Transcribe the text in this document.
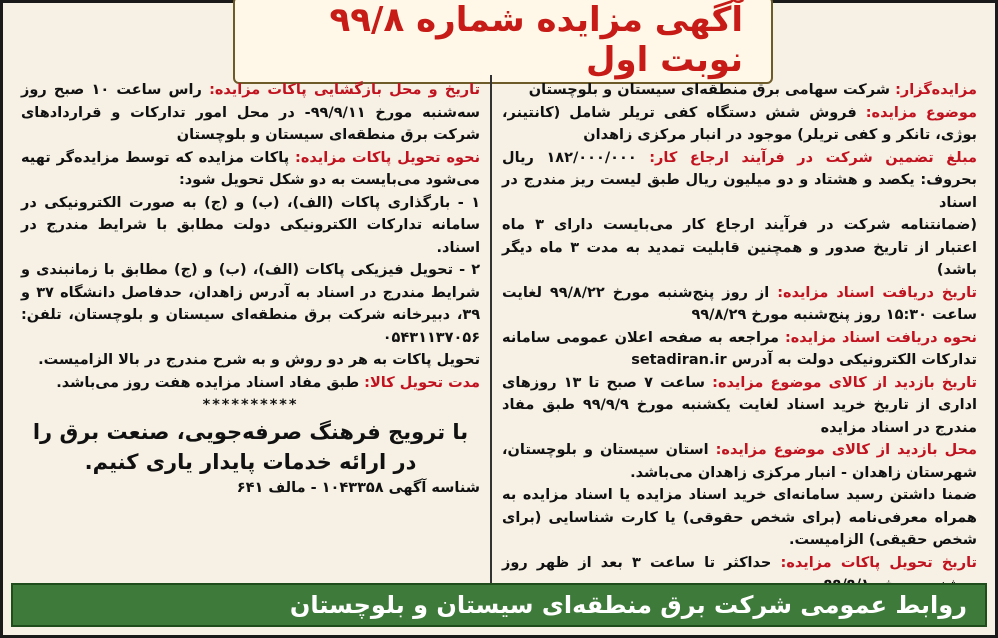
آگهی مزایده شماره ۹۹/۸ نوبت اول

مزایده‌گزار: شرکت سهامی برق منطقه‌ای سیستان و بلوچستان

موضوع مزایده: فروش شش دستگاه کفی تریلر شامل (کانتینر، بوژی، تانکر و کفی تریلر) موجود در انبار مرکزی زاهدان

مبلغ تضمین شرکت در فرآیند ارجاع کار: ۱۸۲/۰۰۰/۰۰۰ ریال بحروف: یکصد و هشتاد و دو میلیون ریال طبق لیست ریز مندرج در اسناد

(ضمانتنامه شرکت در فرآیند ارجاع کار می‌بایست دارای ۳ ماه اعتبار از تاریخ صدور و همچنین قابلیت تمدید به مدت ۳ ماه دیگر باشد)

تاریخ دریافت اسناد مزایده: از روز پنج‌شنبه مورخ ۹۹/۸/۲۲ لغایت ساعت ۱۵:۳۰ روز پنج‌شنبه مورخ ۹۹/۸/۲۹

نحوه دریافت اسناد مزایده: مراجعه به صفحه اعلان عمومی سامانه تدارکات الکترونیکی دولت به آدرس setadiran.ir

تاریخ بازدید از کالای موضوع مزایده: ساعت ۷ صبح تا ۱۳ روزهای اداری از تاریخ خرید اسناد لغایت یکشنبه مورخ ۹۹/۹/۹ طبق مفاد مندرج در اسناد مزایده

محل بازدید از کالای موضوع مزایده: استان سیستان و بلوچستان، شهرستان زاهدان - انبار مرکزی زاهدان می‌باشد.

ضمنا داشتن رسید سامانه‌ای خرید اسناد مزایده یا اسناد مزایده به همراه معرفی‌نامه (برای شخص حقوقی) یا کارت شناسایی (برای شخص حقیقی) الزامیست.

تاریخ تحویل پاکات مزایده: حداکثر تا ساعت ۳ بعد از ظهر روز

تاریخ و محل بازگشایی پاکات مزایده: راس ساعت ۱۰ صبح روز سه‌شنبه مورخ ۹۹/۹/۱۱- در محل امور تدارکات و قراردادهای شرکت برق منطقه‌ای سیستان و بلوچستان

نحوه تحویل پاکات مزایده: پاکات مزایده که توسط مزایده‌گر تهیه می‌شود می‌بایست به دو شکل تحویل شود:

۱ - بارگذاری پاکات (الف)، (ب) و (ج) به صورت الکترونیکی در سامانه تدارکات الکترونیکی دولت مطابق با شرایط مندرج در اسناد.

۲ - تحویل فیزیکی پاکات (الف)، (ب) و (ج) مطابق با زمانبندی و شرایط مندرج در اسناد به آدرس زاهدان، حدفاصل دانشگاه ۳۷ و ۳۹، دبیرخانه شرکت برق منطقه‌ای سیستان و بلوچستان، تلفن: ۰۵۴۳۱۱۳۷۰۵۶

تحویل پاکات به هر دو روش و به شرح مندرج در بالا الزامیست.

مدت تحویل کالا: طبق مفاد اسناد مزایده هفت روز می‌باشد.

**********

با ترویج فرهنگ صرفه‌جویی، صنعت برق را در ارائه خدمات پایدار یاری کنیم.

شناسه آگهی ۱۰۴۳۳۵۸ - مالف ۶۴۱

روابط عمومی شرکت برق منطقه‌ای سیستان و بلوچستان
